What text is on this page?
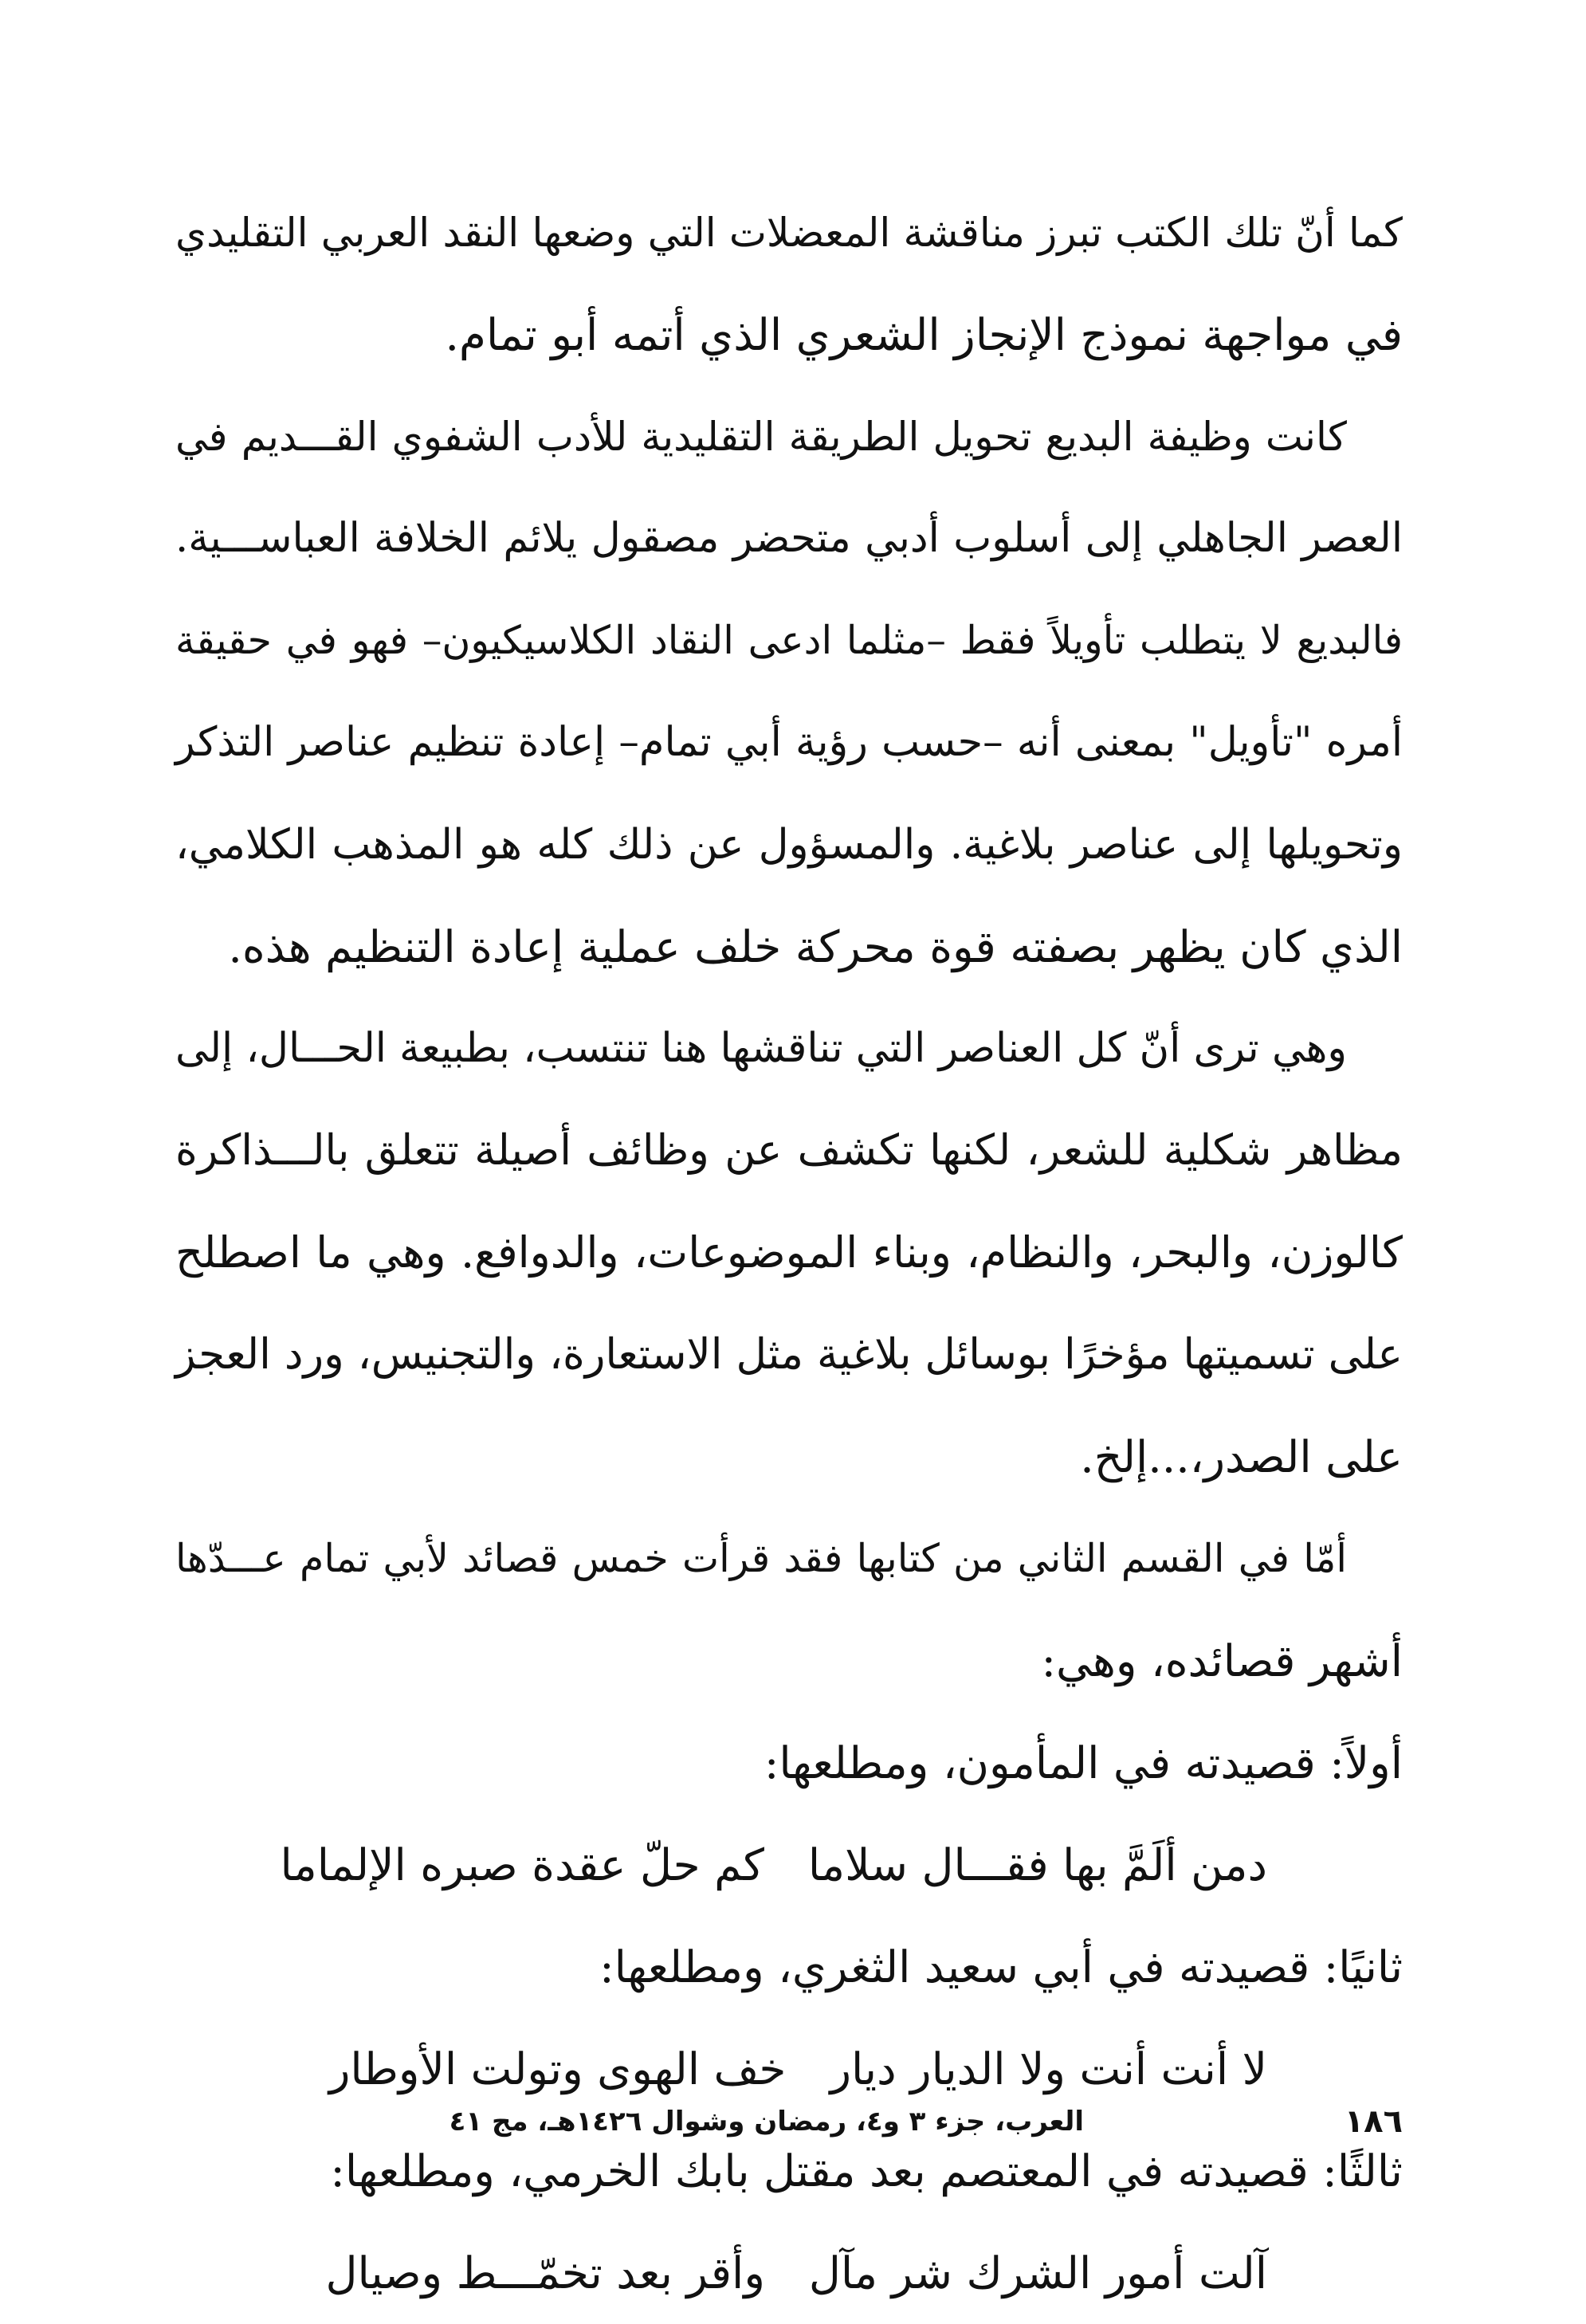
كما أنّ تلك الكتب تبرز مناقشة المعضلات التي وضعها النقد العربي التقليدي
في مواجهة نموذج الإنجاز الشعري الذي أتمه أبو تمام.
كانت وظيفة البديع تحويل الطريقة التقليدية للأدب الشفوي القـــديم في
العصر الجاهلي إلى أسلوب أدبي متحضر مصقول يلائم الخلافة العباســـية.
فالبديع لا يتطلب تأويلاً فقط –مثلما ادعى النقاد الكلاسيكيون– فهو في حقيقة
أمره "تأويل" بمعنى أنه –حسب رؤية أبي تمام– إعادة تنظيم عناصر التذكر
وتحويلها إلى عناصر بلاغية. والمسؤول عن ذلك كله هو المذهب الكلامي،
الذي كان يظهر بصفته قوة محركة خلف عملية إعادة التنظيم هذه.
وهي ترى أنّ كل العناصر التي تناقشها هنا تنتسب، بطبيعة الحـــال، إلى
مظاهر شكلية للشعر، لكنها تكشف عن وظائف أصيلة تتعلق بالـــذاكرة
كالوزن، والبحر، والنظام، وبناء الموضوعات، والدوافع. وهي ما اصطلح
على تسميتها مؤخرًا بوسائل بلاغية مثل الاستعارة، والتجنيس، ورد العجز
على الصدر،...إلخ.
أمّا في القسم الثاني من كتابها فقد قرأت خمس قصائد لأبي تمام عـــدّها
أشهر قصائده، وهي:
أولاً: قصيدته في المأمون، ومطلعها:
دمن ألَمَّ بها فقـــال سلاماكم حلّ عقدة صبره الإلماما
ثانيًا: قصيدته في أبي سعيد الثغري، ومطلعها:
لا أنت أنت ولا الديار ديارخف الهوى وتولت الأوطار
ثالثًا: قصيدته في المعتصم بعد مقتل بابك الخرمي، ومطلعها:
آلت أمور الشرك شر مآلوأقر بعد تخمّـــط وصيال
١٨٦
العرب، جزء ٣ و٤، رمضان وشوال ١٤٢٦هـ، مج ٤١
